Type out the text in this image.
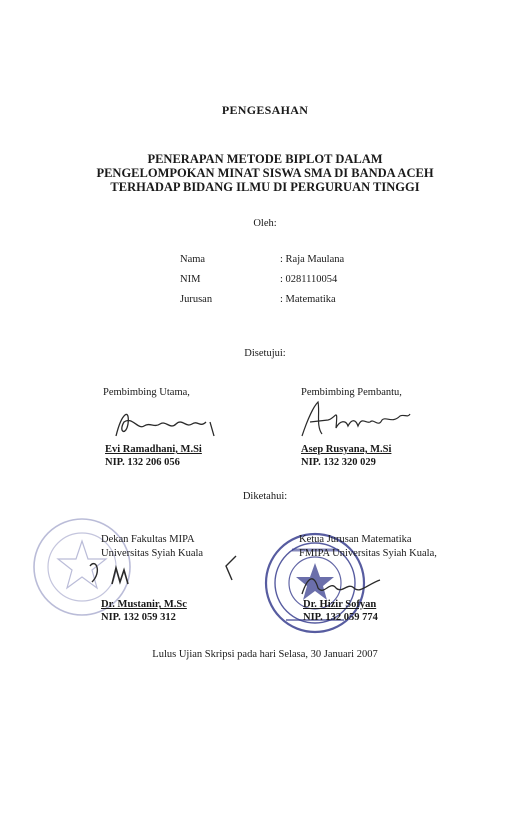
PENGESAHAN
PENERAPAN METODE BIPLOT DALAM
PENGELOMPOKAN MINAT SISWA SMA DI BANDA ACEH
TERHADAP BIDANG ILMU DI PERGURUAN TINGGI
Oleh:
Nama	: Raja Maulana
NIM	: 0281110054
Jurusan	: Matematika
Disetujui:
Pembimbing Utama,
Evi Ramadhani, M.Si
NIP. 132 206 056
Pembimbing Pembantu,
Asep Rusyana, M.Si
NIP. 132 320 029
Diketahui:
Dekan Fakultas MIPA
Universitas Syiah Kuala
Dr. Mustanir, M.Sc
NIP. 132 059 312
Ketua Jurusan Matematika
FMIPA Universitas Syiah Kuala,
Dr. Hizir Sofyan
NIP. 132 059 774
Lulus Ujian Skripsi pada hari Selasa, 30 Januari 2007
